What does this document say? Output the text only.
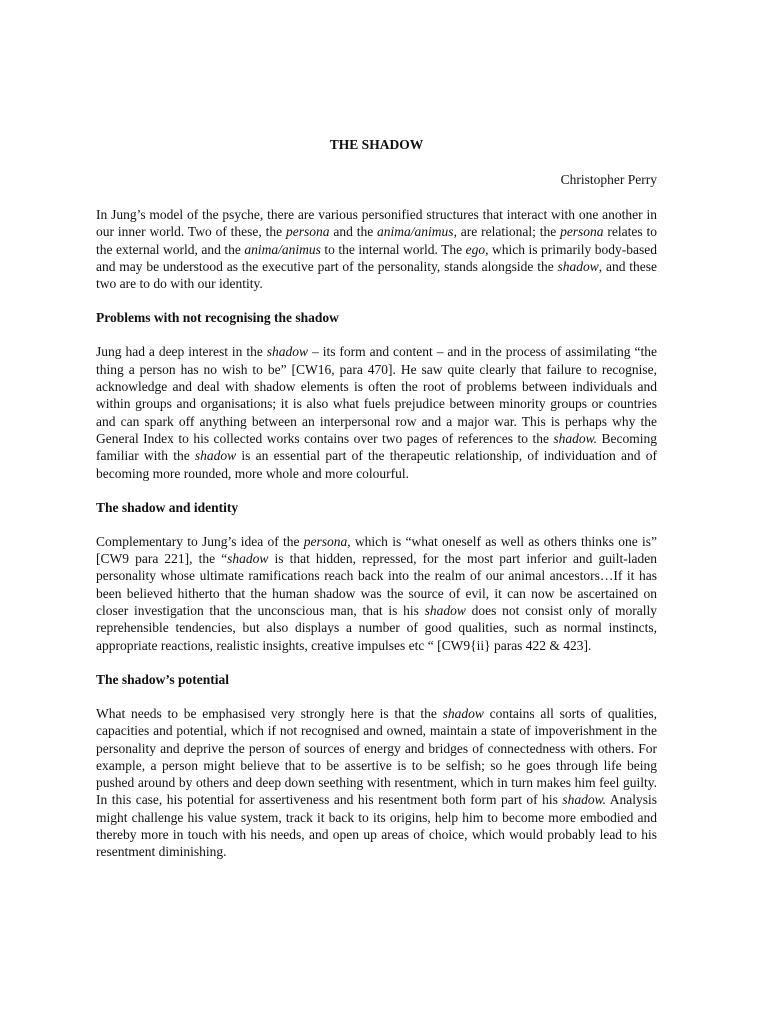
THE SHADOW
Christopher Perry

In Jung’s model of the psyche, there are various personified structures that interact with one another in our inner world. Two of these, the persona and the anima/animus, are relational; the persona relates to the external world, and the anima/animus to the internal world. The ego, which is primarily body-based and may be understood as the executive part of the personality, stands alongside the shadow, and these two are to do with our identity.

Problems with not recognising the shadow

Jung had a deep interest in the shadow – its form and content – and in the process of assimilating “the thing a person has no wish to be” [CW16, para 470]. He saw quite clearly that failure to recognise, acknowledge and deal with shadow elements is often the root of problems between individuals and within groups and organisations; it is also what fuels prejudice between minority groups or countries and can spark off anything between an interpersonal row and a major war. This is perhaps why the General Index to his collected works contains over two pages of references to the shadow. Becoming familiar with the shadow is an essential part of the therapeutic relationship, of individuation and of becoming more rounded, more whole and more colourful.

The shadow and identity

Complementary to Jung’s idea of the persona, which is “what oneself as well as others thinks one is” [CW9 para 221], the “shadow is that hidden, repressed, for the most part inferior and guilt-laden personality whose ultimate ramifications reach back into the realm of our animal ancestors…If it has been believed hitherto that the human shadow was the source of evil, it can now be ascertained on closer investigation that the unconscious man, that is his shadow does not consist only of morally reprehensible tendencies, but also displays a number of good qualities, such as normal instincts, appropriate reactions, realistic insights, creative impulses etc “ [CW9{ii} paras 422 & 423].

The shadow’s potential

What needs to be emphasised very strongly here is that the shadow contains all sorts of qualities, capacities and potential, which if not recognised and owned, maintain a state of impoverishment in the personality and deprive the person of sources of energy and bridges of connectedness with others. For example, a person might believe that to be assertive is to be selfish; so he goes through life being pushed around by others and deep down seething with resentment, which in turn makes him feel guilty. In this case, his potential for assertiveness and his resentment both form part of his shadow. Analysis might challenge his value system, track it back to its origins, help him to become more embodied and thereby more in touch with his needs, and open up areas of choice, which would probably lead to his resentment diminishing.
